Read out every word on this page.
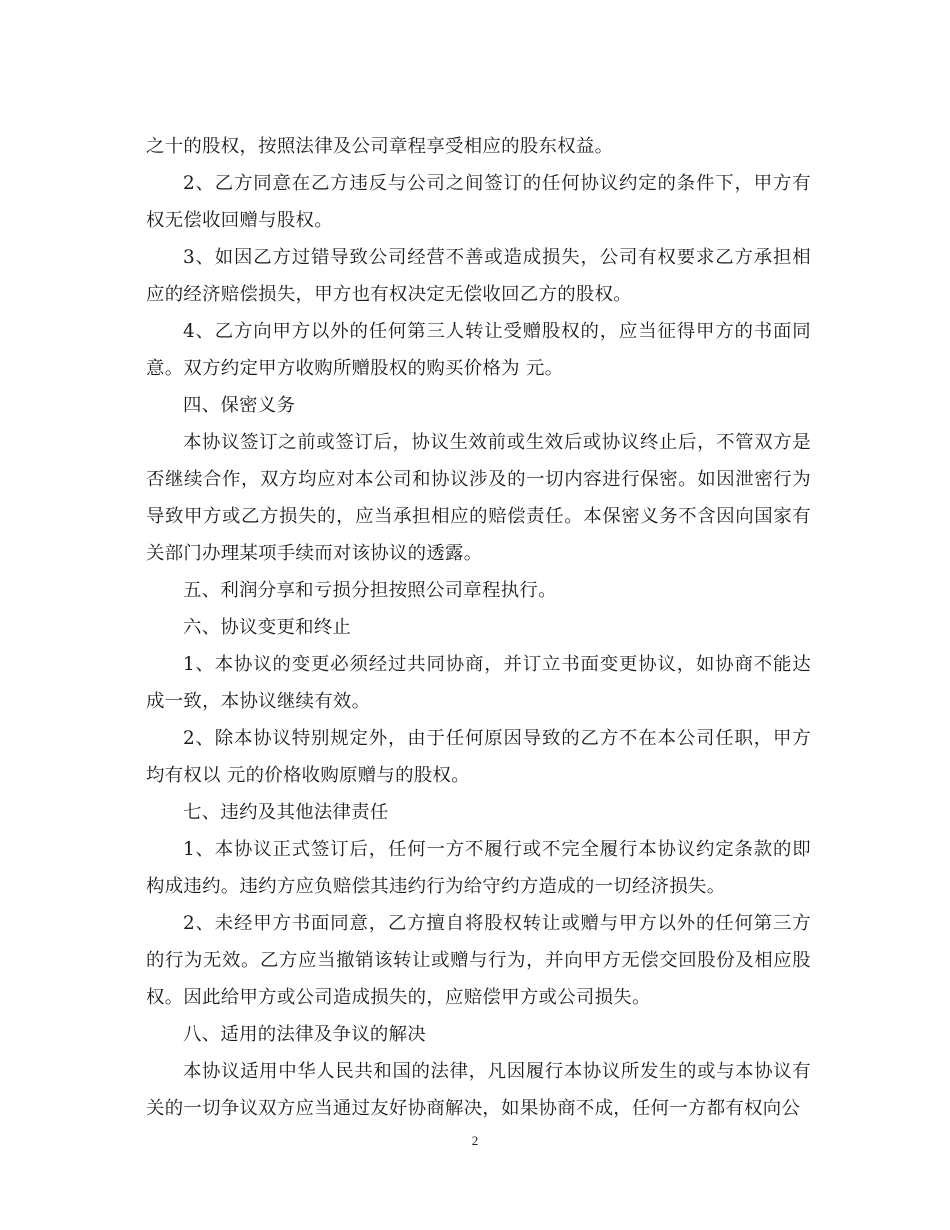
之十的股权，按照法律及公司章程享受相应的股东权益。

2、乙方同意在乙方违反与公司之间签订的任何协议约定的条件下，甲方有权无偿收回赠与股权。

3、如因乙方过错导致公司经营不善或造成损失，公司有权要求乙方承担相应的经济赔偿损失，甲方也有权决定无偿收回乙方的股权。

4、乙方向甲方以外的任何第三人转让受赠股权的，应当征得甲方的书面同意。双方约定甲方收购所赠股权的购买价格为 元。

四、保密义务

本协议签订之前或签订后，协议生效前或生效后或协议终止后，不管双方是否继续合作，双方均应对本公司和协议涉及的一切内容进行保密。如因泄密行为导致甲方或乙方损失的，应当承担相应的赔偿责任。本保密义务不含因向国家有关部门办理某项手续而对该协议的透露。

五、利润分享和亏损分担按照公司章程执行。

六、协议变更和终止

1、本协议的变更必须经过共同协商，并订立书面变更协议，如协商不能达成一致，本协议继续有效。

2、除本协议特别规定外，由于任何原因导致的乙方不在本公司任职，甲方均有权以 元的价格收购原赠与的股权。

七、违约及其他法律责任

1、本协议正式签订后，任何一方不履行或不完全履行本协议约定条款的即构成违约。违约方应负赔偿其违约行为给守约方造成的一切经济损失。

2、未经甲方书面同意，乙方擅自将股权转让或赠与甲方以外的任何第三方的行为无效。乙方应当撤销该转让或赠与行为，并向甲方无偿交回股份及相应股权。因此给甲方或公司造成损失的，应赔偿甲方或公司损失。

八、适用的法律及争议的解决

本协议适用中华人民共和国的法律，凡因履行本协议所发生的或与本协议有关的一切争议双方应当通过友好协商解决，如果协商不成，任何一方都有权向公

2
